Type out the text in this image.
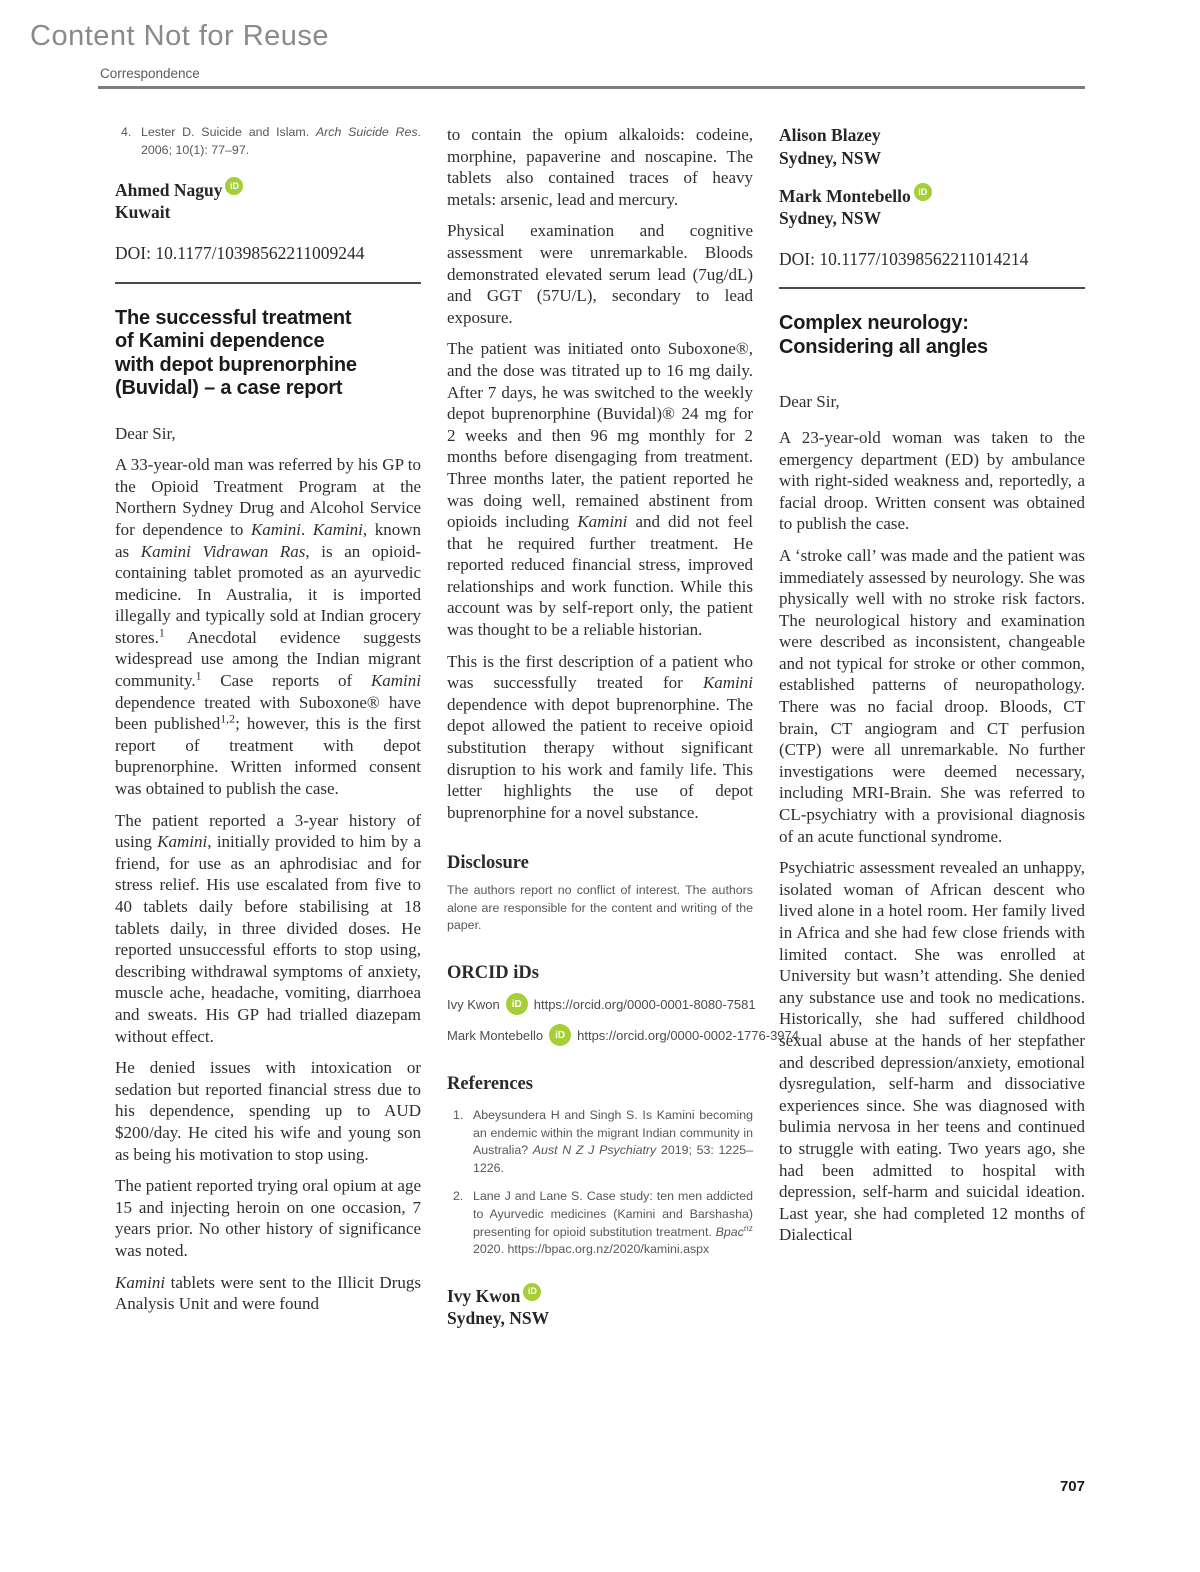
Content Not for Reuse
Correspondence
4. Lester D. Suicide and Islam. Arch Suicide Res. 2006; 10(1): 77–97.
Ahmed Naguy iD
Kuwait
DOI: 10.1177/10398562211009244
The successful treatment
of Kamini dependence
with depot buprenorphine
(Buvidal) – a case report

Dear Sir,

A 33-year-old man was referred by his GP to the Opioid Treatment Program at the Northern Sydney Drug and Alcohol Service for dependence to Kamini. Kamini, known as Kamini Vidrawan Ras, is an opioid-containing tablet promoted as an ayurvedic medicine. In Australia, it is imported illegally and typically sold at Indian grocery stores.$^1$ Anecdotal evidence suggests widespread use among the Indian migrant community.$^1$ Case reports of Kamini dependence treated with Suboxone® have been published$^{1,2}$; however, this is the first report of treatment with depot buprenorphine. Written informed consent was obtained to publish the case.

The patient reported a 3-year history of using Kamini, initially provided to him by a friend, for use as an aphrodisiac and for stress relief. His use escalated from five to 40 tablets daily before stabilising at 18 tablets daily, in three divided doses. He reported unsuccessful efforts to stop using, describing withdrawal symptoms of anxiety, muscle ache, headache, vomiting, diarrhoea and sweats. His GP had trialled diazepam without effect.

He denied issues with intoxication or sedation but reported financial stress due to his dependence, spending up to AUD $200/day. He cited his wife and young son as being his motivation to stop using.

The patient reported trying oral opium at age 15 and injecting heroin on one occasion, 7 years prior. No other history of significance was noted.

Kamini tablets were sent to the Illicit Drugs Analysis Unit and were found

to contain the opium alkaloids: codeine, morphine, papaverine and noscapine. The tablets also contained traces of heavy metals: arsenic, lead and mercury.

Physical examination and cognitive assessment were unremarkable. Bloods demonstrated elevated serum lead (7ug/dL) and GGT (57U/L), secondary to lead exposure.

The patient was initiated onto Suboxone®, and the dose was titrated up to 16 mg daily. After 7 days, he was switched to the weekly depot buprenorphine (Buvidal)® 24 mg for 2 weeks and then 96 mg monthly for 2 months before disengaging from treatment. Three months later, the patient reported he was doing well, remained abstinent from opioids including Kamini and did not feel that he required further treatment. He reported reduced financial stress, improved relationships and work function. While this account was by self-report only, the patient was thought to be a reliable historian.

This is the first description of a patient who was successfully treated for Kamini dependence with depot buprenorphine. The depot allowed the patient to receive opioid substitution therapy without significant disruption to his work and family life. This letter highlights the use of depot buprenorphine for a novel substance.

Disclosure

The authors report no conflict of interest. The authors alone are responsible for the content and writing of the paper.

ORCID iDs
Ivy Kwon	iD https://orcid.org/0000-0001-8080-7581
Mark Montebello	iD https://orcid.org/0000-0002-1776-3974
References
1. Abeysundera H and Singh S. Is Kamini becoming an endemic within the migrant Indian community in Australia? Aust N Z J Psychiatry 2019; 53: 1225–1226.
2. Lane J and Lane S. Case study: ten men addicted to Ayurvedic medicines (Kamini and Barshasha) presenting for opioid substitution treatment. Bpac$^{nz}$ 2020. https://bpac.org.nz/2020/kamini.aspx
Ivy Kwon iD
Sydney, NSW
Alison Blazey
Sydney, NSW
Mark Montebello iD
Sydney, NSW
DOI: 10.1177/10398562211014214
Complex neurology:
Considering all angles

Dear Sir,

A 23-year-old woman was taken to the emergency department (ED) by ambulance with right-sided weakness and, reportedly, a facial droop. Written consent was obtained to publish the case.

A ‘stroke call’ was made and the patient was immediately assessed by neurology. She was physically well with no stroke risk factors. The neurological history and examination were described as inconsistent, changeable and not typical for stroke or other common, established patterns of neuropathology. There was no facial droop. Bloods, CT brain, CT angiogram and CT perfusion (CTP) were all unremarkable. No further investigations were deemed necessary, including MRI-Brain. She was referred to CL-psychiatry with a provisional diagnosis of an acute functional syndrome.

Psychiatric assessment revealed an unhappy, isolated woman of African descent who lived alone in a hotel room. Her family lived in Africa and she had few close friends with limited contact. She was enrolled at University but wasn’t attending. She denied any substance use and took no medications. Historically, she had suffered childhood sexual abuse at the hands of her stepfather and described depression/anxiety, emotional dysregulation, self-harm and dissociative experiences since. She was diagnosed with bulimia nervosa in her teens and continued to struggle with eating. Two years ago, she had been admitted to hospital with depression, self-harm and suicidal ideation. Last year, she had completed 12 months of Dialectical

707
